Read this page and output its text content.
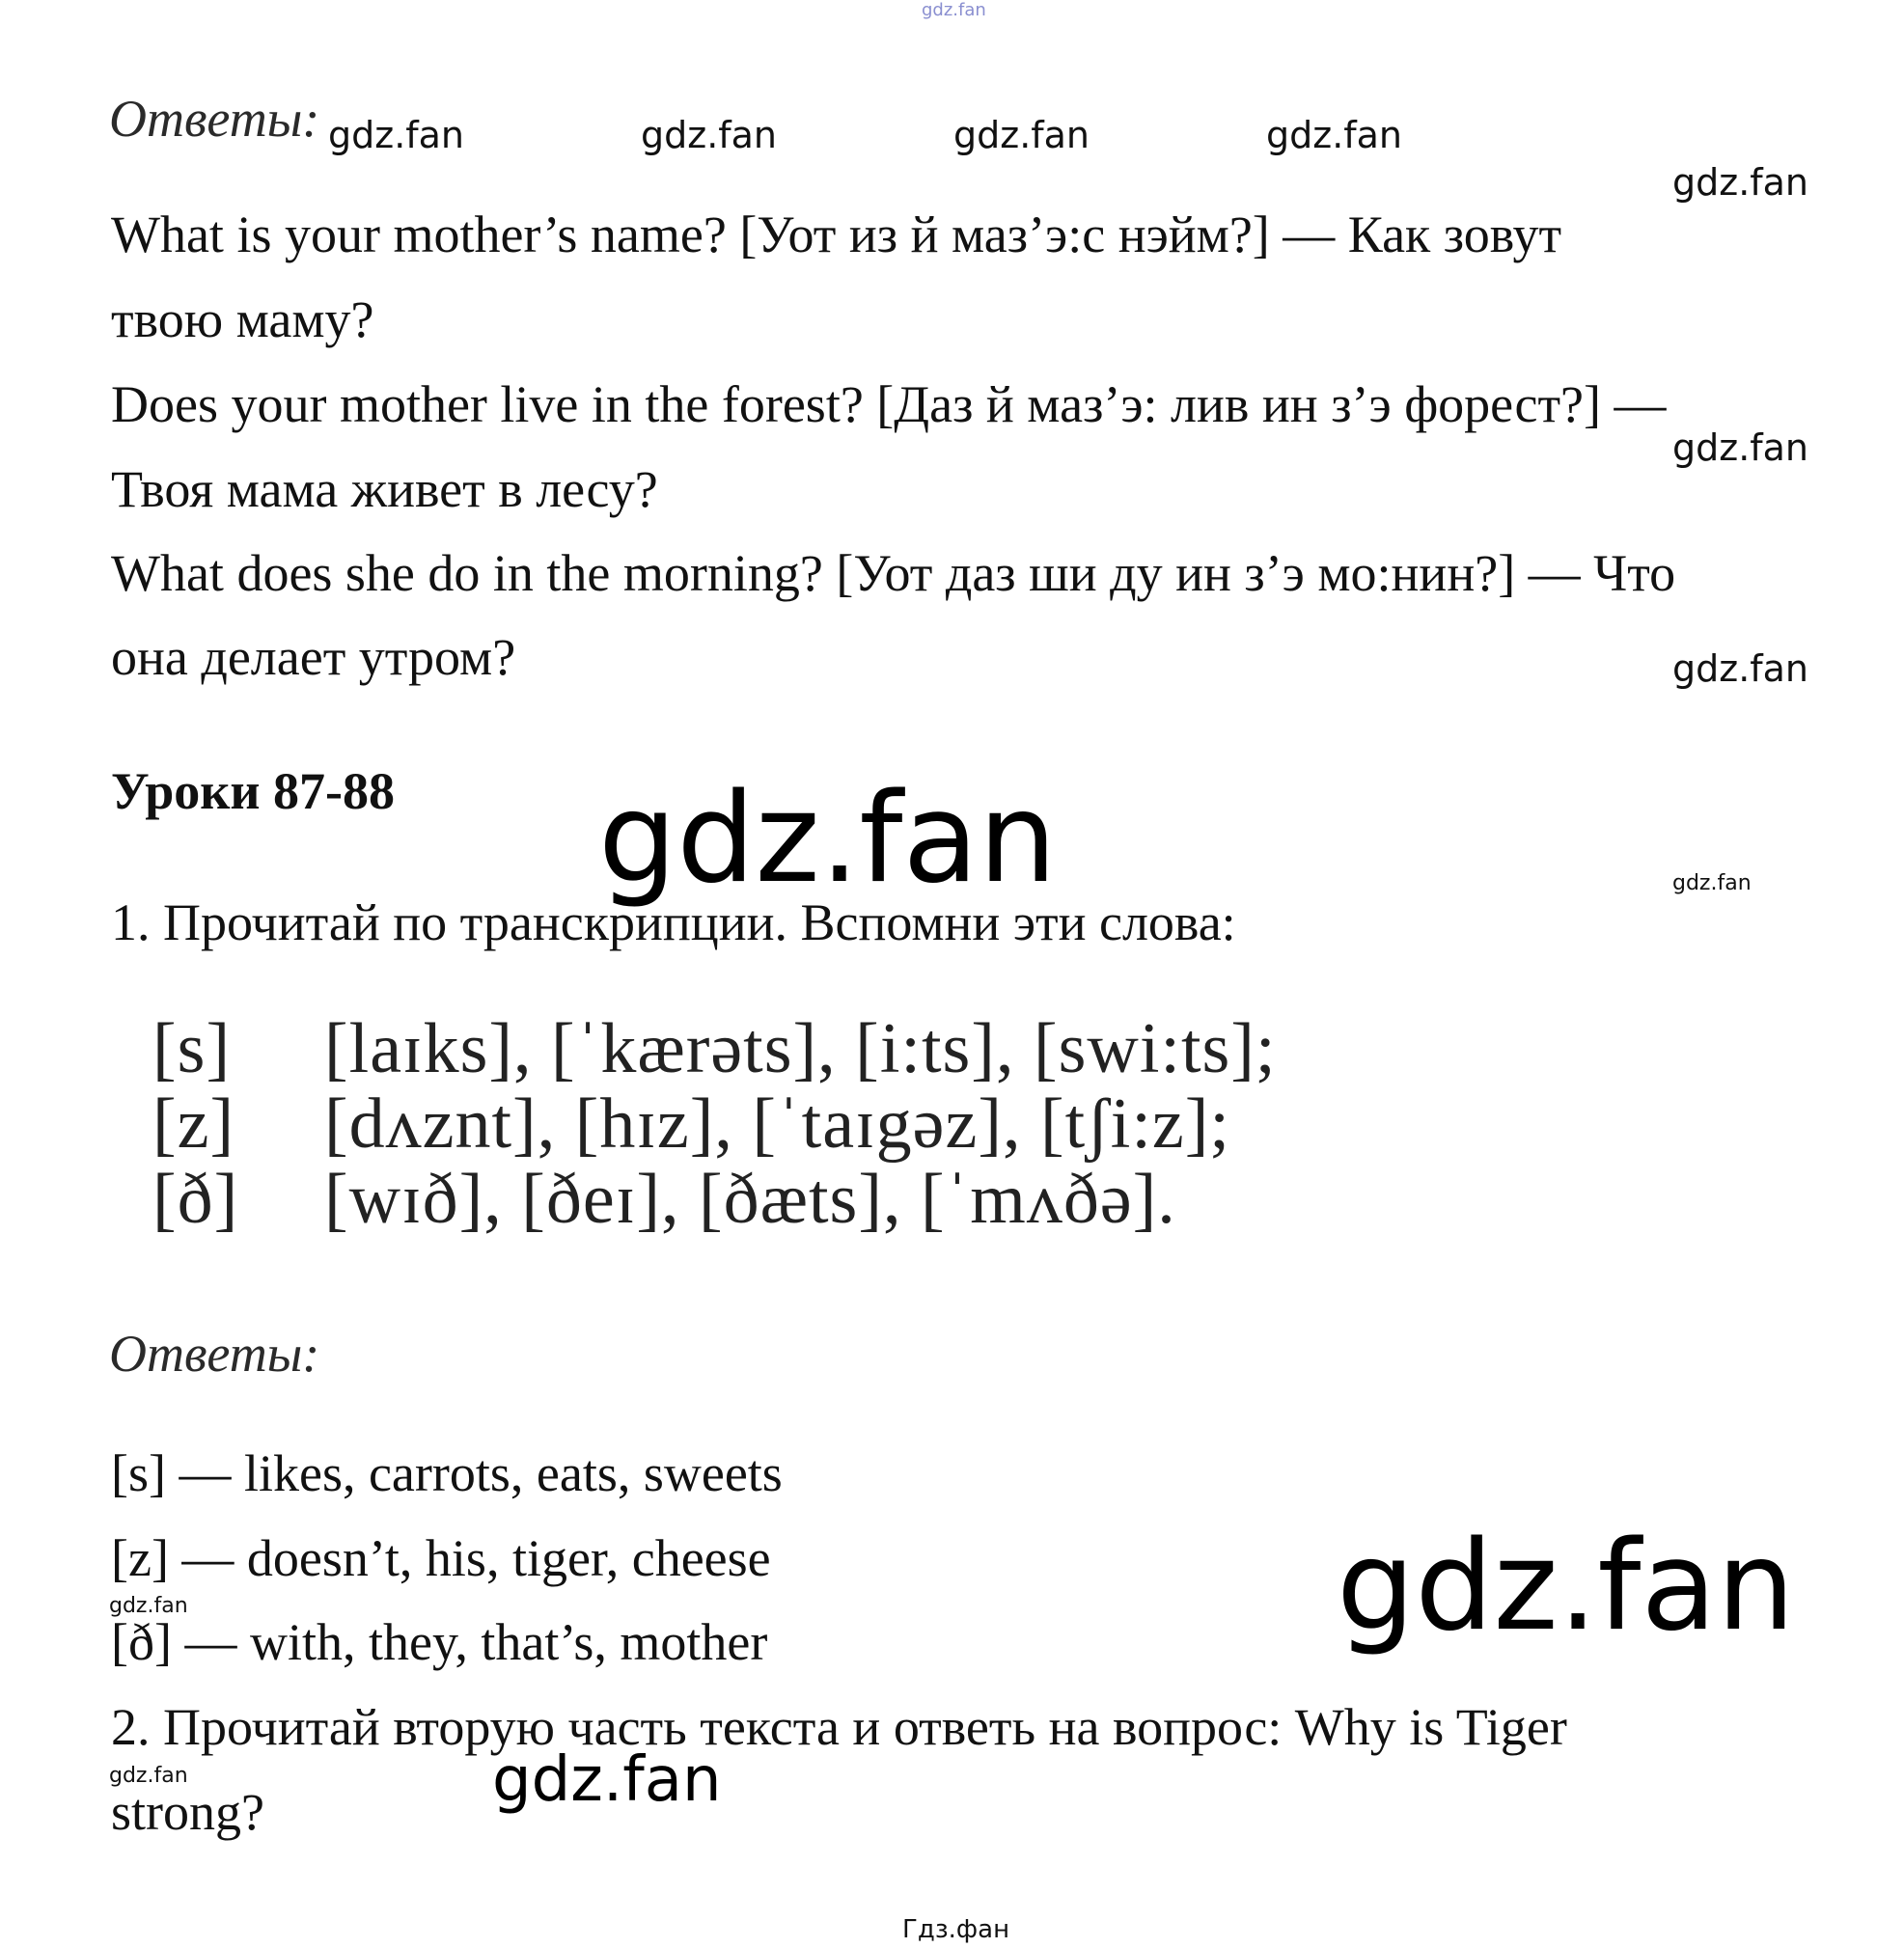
gdz.fan
Ответы: gdz.fan	gdz.fan	gdz.fan	gdz.fan
gdz.fan
What is your mother’s name? [Уот из й маз’э:с нэйм?] — Как зовут
твою маму?
Does your mother live in the forest? [Даз й маз’э: лив ин з’э форест?] —
gdz.fan
Твоя мама живет в лесу?
What does she do in the morning? [Уот даз ши ду ин з’э мо:нин?] — Что
она делает утром?	gdz.fan
Уроки 87-88 gdz.fan	gdz.fan
1. Прочитай по транскрипции. Вспомни эти слова:
[s] [laɪks], [ˈkærəts], [i:ts], [swi:ts];
[z] [dʌznt], [hɪz], [ˈtaɪgəz], [tʃi:z];
[ð] [wɪð], [ðeɪ], [ðæts], [ˈmʌðə].
Ответы:
[s] — likes, carrots, eats, sweets
[z] — doesn’t, his, tiger, cheese
gdz.fan
[ð] — with, they, that’s, mother	gdz.fan
2. Прочитай вторую часть текста и ответь на вопрос: Why is Tiger
gdz.fan
strong?	gdz.fan
Гдз.фан
